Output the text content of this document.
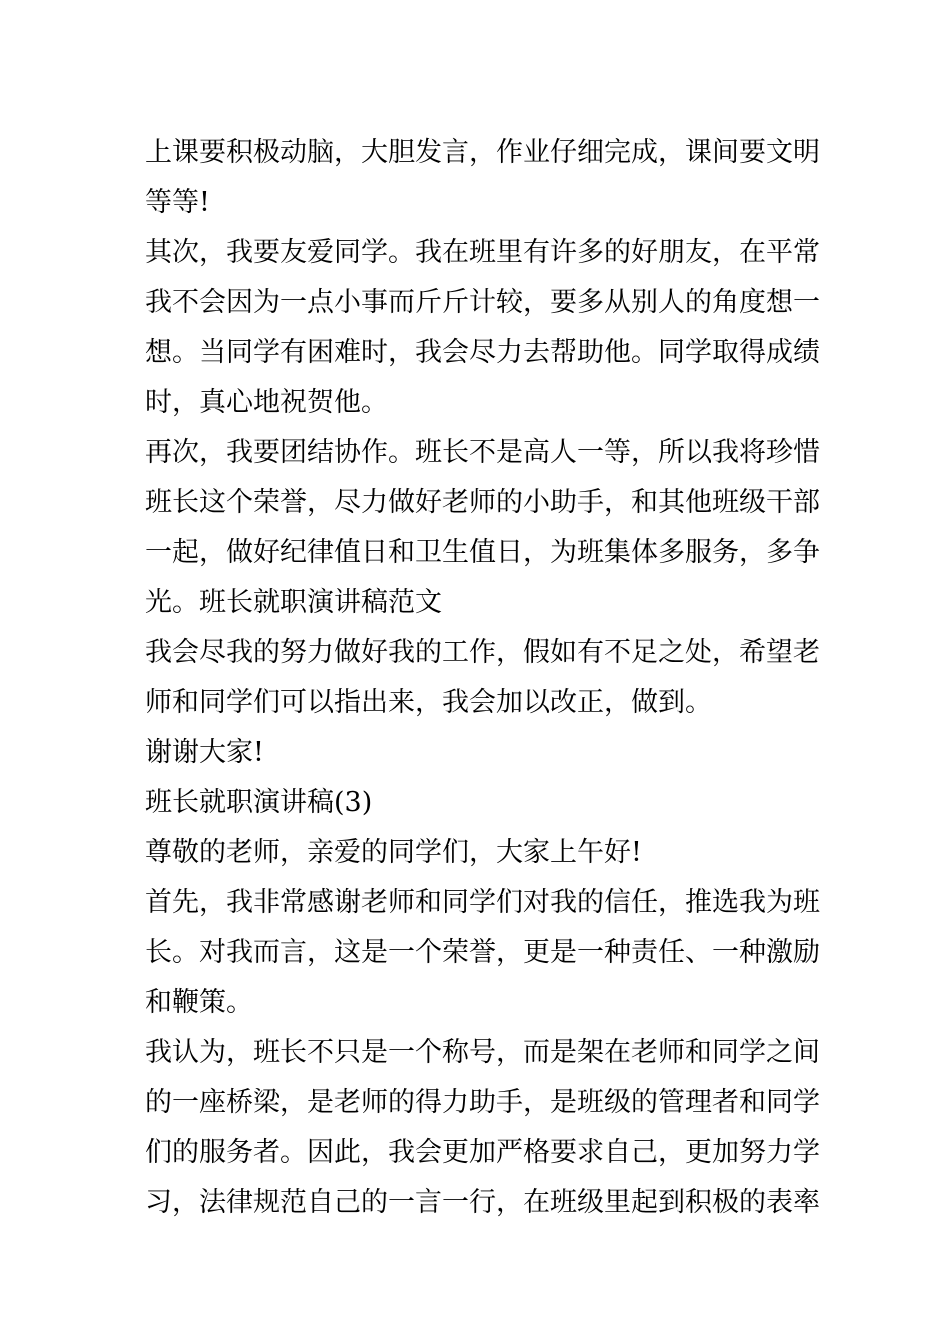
上课要积极动脑，大胆发言，作业仔细完成，课间要文明
等等!
其次，我要友爱同学。我在班里有许多的好朋友，在平常
我不会因为一点小事而斤斤计较，要多从别人的角度想一
想。当同学有困难时，我会尽力去帮助他。同学取得成绩
时，真心地祝贺他。
再次，我要团结协作。班长不是高人一等，所以我将珍惜
班长这个荣誉，尽力做好老师的小助手，和其他班级干部
一起，做好纪律值日和卫生值日，为班集体多服务，多争
光。班长就职演讲稿范文
我会尽我的努力做好我的工作，假如有不足之处，希望老
师和同学们可以指出来，我会加以改正，做到。
谢谢大家!
班长就职演讲稿(3)
尊敬的老师，亲爱的同学们，大家上午好!
首先，我非常感谢老师和同学们对我的信任，推选我为班
长。对我而言，这是一个荣誉，更是一种责任、一种激励
和鞭策。
我认为，班长不只是一个称号，而是架在老师和同学之间
的一座桥梁，是老师的得力助手，是班级的管理者和同学
们的服务者。因此，我会更加严格要求自己，更加努力学
习，法律规范自己的一言一行，在班级里起到积极的表率
